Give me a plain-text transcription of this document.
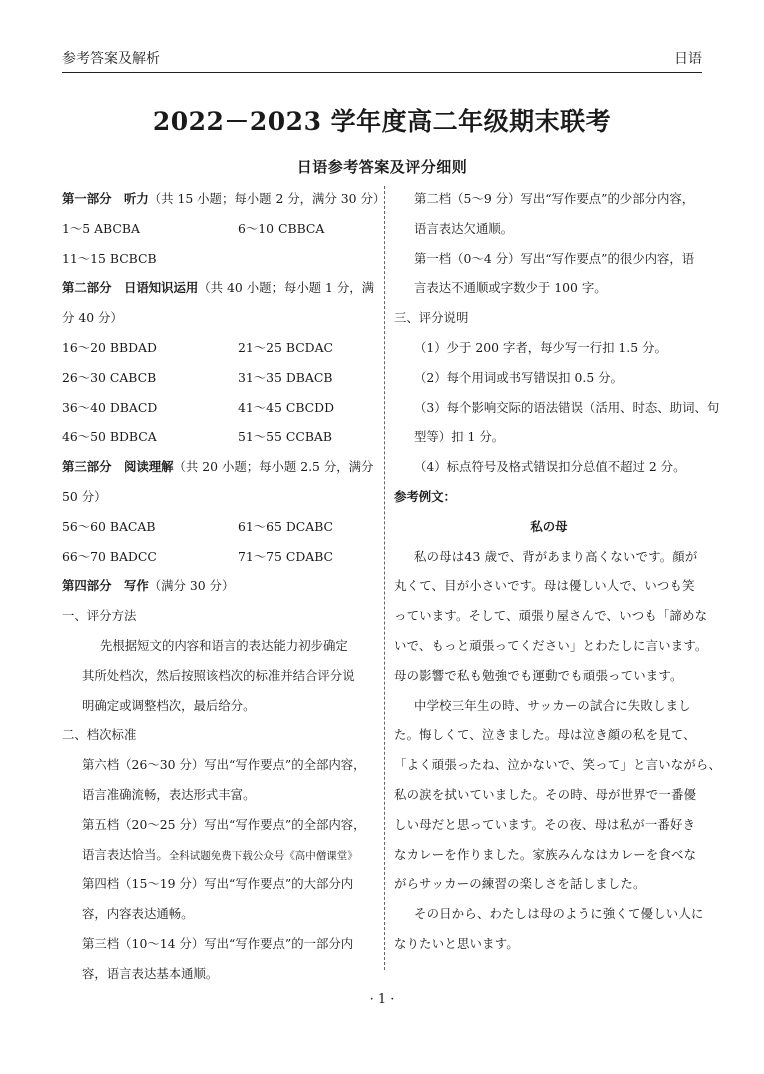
参考答案及解析	日语
2022－2023 学年度高二年级期末联考
日语参考答案及评分细则
第一部分　听力（共 15 小题；每小题 2 分，满分 30 分）
1～5 ABCBA	6～10 CBBCA
11～15 BCBCB
第二部分　日语知识运用（共 40 小题；每小题 1 分，满
分 40 分）
16～20 BBDAD	21～25 BCDAC
26～30 CABCB	31～35 DBACB
36～40 DBACD	41～45 CBCDD
46～50 BDBCA	51～55 CCBAB
第三部分　阅读理解（共 20 小题；每小题 2.5 分，满分
50 分）
56～60 BACAB	61～65 DCABC
66～70 BADCC	71～75 CDABC
第四部分　写作（满分 30 分）
一、评分方法
先根据短文的内容和语言的表达能力初步确定
其所处档次，然后按照该档次的标准并结合评分说
明确定或调整档次，最后给分。
二、档次标准
第六档（26～30 分）写出“写作要点”的全部内容，
语言准确流畅，表达形式丰富。
第五档（20～25 分）写出“写作要点”的全部内容，
语言表达恰当。全科试题免费下载公众号《高中僧课堂》
第四档（15～19 分）写出“写作要点”的大部分内
容，内容表达通畅。
第三档（10～14 分）写出“写作要点”的一部分内
容，语言表达基本通顺。
第二档（5～9 分）写出“写作要点”的少部分内容，
语言表达欠通顺。
第一档（0～4 分）写出“写作要点”的很少内容，语
言表达不通顺或字数少于 100 字。
三、评分说明
（1）少于 200 字者，每少写一行扣 1.5 分。
（2）每个用词或书写错误扣 0.5 分。
（3）每个影响交际的语法错误（活用、时态、助词、句
型等）扣 1 分。
（4）标点符号及格式错误扣分总值不超过 2 分。
参考例文：
私の母
私の母は43 歳で、背があまり高くないです。顔が
丸くて、目が小さいです。母は優しい人で、いつも笑
っています。そして、頑張り屋さんで、いつも「諦めな
いで、もっと頑張ってください」とわたしに言います。
母の影響で私も勉強でも運動でも頑張っています。
中学校三年生の時、サッカーの試合に失敗しまし
た。悔しくて、泣きました。母は泣き顔の私を見て、
「よく頑張ったね、泣かないで、笑って」と言いながら、
私の涙を拭いていました。その時、母が世界で一番優
しい母だと思っています。その夜、母は私が一番好き
なカレーを作りました。家族みんなはカレーを食べな
がらサッカーの練習の楽しさを話しました。
その日から、わたしは母のように強くて優しい人に
なりたいと思います。
· 1 ·
